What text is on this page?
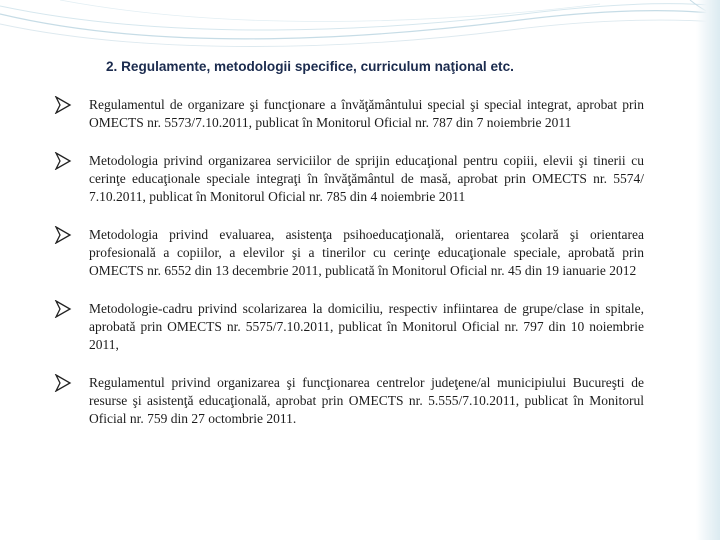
2. Regulamente, metodologii specifice, curriculum naţional etc.
Regulamentul de organizare şi funcţionare a învăţământului special şi special integrat, aprobat prin OMECTS nr. 5573/7.10.2011, publicat în Monitorul Oficial nr. 787 din 7 noiembrie 2011
Metodologia privind organizarea serviciilor de sprijin educaţional pentru copiii, elevii şi tinerii cu cerinţe educaţionale speciale integraţi în învăţământul de masă, aprobat prin OMECTS nr. 5574/ 7.10.2011, publicat în Monitorul Oficial nr. 785 din 4 noiembrie 2011
Metodologia privind evaluarea, asistenţa psihoeducaţională, orientarea şcolară şi orientarea profesională a copiilor, a elevilor şi a tinerilor cu cerinţe educaţionale speciale, aprobată prin OMECTS nr. 6552 din 13 decembrie 2011, publicată în Monitorul Oficial nr. 45 din 19 ianuarie 2012
Metodologie-cadru privind scolarizarea la domiciliu, respectiv infiintarea de grupe/clase in spitale, aprobată prin OMECTS nr. 5575/7.10.2011, publicat în Monitorul Oficial nr. 797 din 10 noiembrie 2011,
Regulamentul privind organizarea şi funcţionarea centrelor judeţene/al municipiului Bucureşti de resurse şi asistenţă educaţională, aprobat prin OMECTS nr. 5.555/7.10.2011, publicat în Monitorul Oficial nr. 759 din 27 octombrie 2011.
